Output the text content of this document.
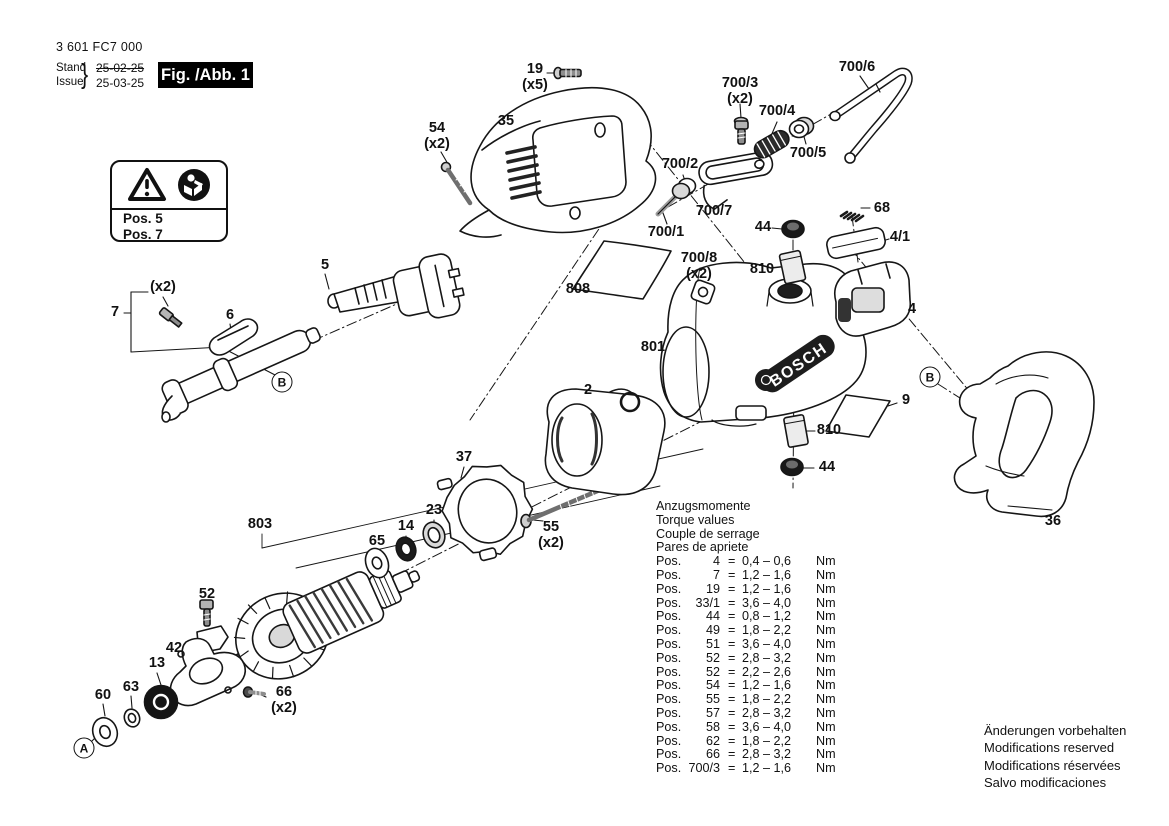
BOSCH
3 601 FC7 000
Stand
Issue
} 25-02-25
25-03-25 Fig. /Abb. 1
Pos. 5
Pos. 7
Anzugsmomente
Torque values
Couple de serrage
Pares de apriete
Pos.	4 = 0,4 – 0,6	Nm
Pos.	7 = 1,2 – 1,6	Nm
Pos.	19 = 1,2 – 1,6	Nm
Pos.	33/1 = 3,6 – 4,0	Nm
Pos.	44 = 0,8 – 1,2	Nm
Pos.	49 = 1,8 – 2,2	Nm
Pos.	51 = 3,6 – 4,0	Nm
Pos.	52 = 2,8 – 3,2	Nm
Pos.	52 = 2,2 – 2,6	Nm
Pos.	54 = 1,2 – 1,6	Nm
Pos.	55 = 1,8 – 2,2	Nm
Pos.	57 = 2,8 – 3,2	Nm
Pos.	58 = 3,6 – 4,0	Nm
Pos.	62 = 1,8 – 2,2	Nm
Pos.	66 = 2,8 – 3,2	Nm
Pos. 700/3 = 1,2 – 1,6	Nm
Änderungen vorbehalten
Modifications reserved
Modifications réservées
Salvo modificaciones
19
(x5)
54
(x2)
35
700/3
(x2)
700/4
700/6
700/5
700/2
700/7
700/1
68
44
4/1
810
700/8
(x2)
808
801
4
5
6
7
(x2)
9
810
44
2
36
37
55
(x2)
23
14
65
803
52
42
13
63
60	66
(x2)
A
B	B
